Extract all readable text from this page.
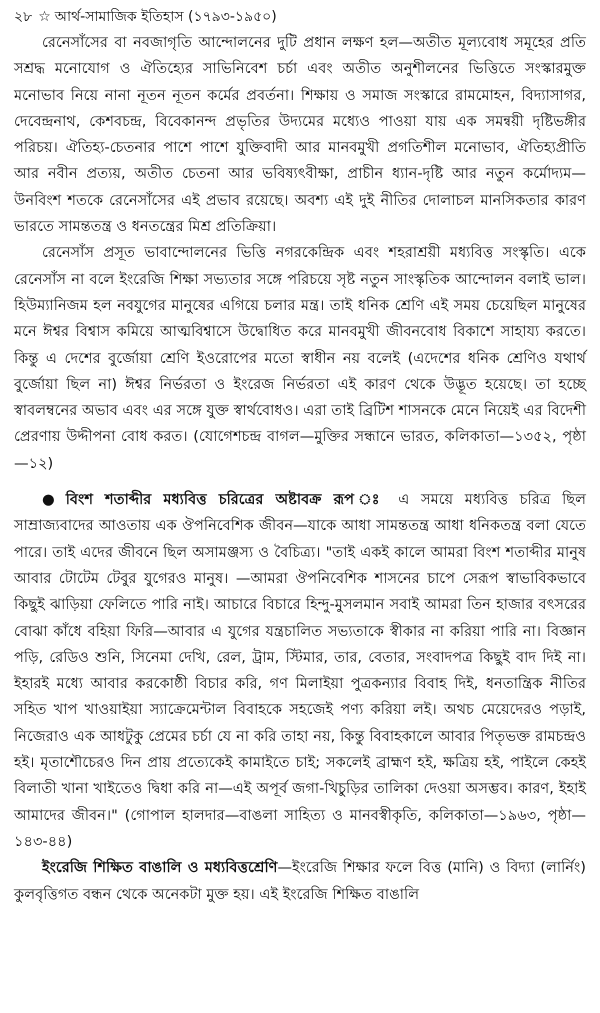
২৮ ☆ আর্থ-সামাজিক ইতিহাস (১৭৯৩-১৯৫০)

রেনেসাঁসের বা নবজাগৃতি আন্দোলনের দুটি প্রধান লক্ষণ হল—অতীত মূল্যবোধ সমূহের প্রতি সশ্রদ্ধ মনোযোগ ও ঐতিহ্যের সাভিনিবেশ চর্চা এবং অতীত অনুশীলনের ভিত্তিতে সংস্কারমুক্ত মনোভাব নিয়ে নানা নূতন নূতন কর্মের প্রবর্তনা। শিক্ষায় ও সমাজ সংস্কারে রামমোহন, বিদ্যাসাগর, দেবেন্দ্রনাথ, কেশবচন্দ্র, বিবেকানন্দ প্রভৃতির উদ্যমের মধ্যেও পাওয়া যায় এক সমন্বয়ী দৃষ্টিভঙ্গীর পরিচয়। ঐতিহ্য-চেতনার পাশে পাশে যুক্তিবাদী আর মানবমুখী প্রগতিশীল মনোভাব, ঐতিহ্যপ্রীতি আর নবীন প্রত্যয়, অতীত চেতনা আর ভবিষ্যৎবীক্ষা, প্রাচীন ধ্যান-দৃষ্টি আর নতুন কর্মোদ্যম—উনবিংশ শতকে রেনেসাঁসের এই প্রভাব রয়েছে। অবশ্য এই দুই নীতির দোলাচল মানসিকতার কারণ ভারতে সামন্ততন্ত্র ও ধনতন্ত্রের মিশ্র প্রতিক্রিয়া।

রেনেসাঁস প্রসূত ভাবান্দোলনের ভিত্তি নগরকেন্দ্রিক এবং শহরাশ্রয়ী মধ্যবিত্ত সংস্কৃতি। একে রেনেসাঁস না বলে ইংরেজি শিক্ষা সভ্যতার সঙ্গে পরিচয়ে সৃষ্ট নতুন সাংস্কৃতিক আন্দোলন বলাই ভাল। হিউম্যানিজম হল নবযুগের মানুষের এগিয়ে চলার মন্ত্র। তাই ধনিক শ্রেণি এই সময় চেয়েছিল মানুষের মনে ঈশ্বর বিশ্বাস কমিয়ে আত্মবিশ্বাসে উদ্বোধিত করে মানবমুখী জীবনবোধ বিকাশে সাহায্য করতে। কিন্তু এ দেশের বুর্জোয়া শ্রেণি ইওরোপের মতো স্বাধীন নয় বলেই (এদেশের ধনিক শ্রেণিও যথার্থ বুর্জোয়া ছিল না) ঈশ্বর নির্ভরতা ও ইংরেজ নির্ভরতা এই কারণ থেকে উদ্ভূত হয়েছে। তা হচ্ছে স্বাবলম্বনের অভাব এবং এর সঙ্গে যুক্ত স্বার্থবোধও। এরা তাই ব্রিটিশ শাসনকে মেনে নিয়েই এর বিদেশী প্রেরণায় উদ্দীপনা বোধ করত। (যোগেশচন্দ্র বাগল—মুক্তির সন্ধানে ভারত, কলিকাতা—১৩৫২, পৃষ্ঠা—১২)

● বিংশ শতাব্দীর মধ্যবিত্ত চরিত্রের অষ্টাবক্র রূপ ঃ এ সময়ে মধ্যবিত্ত চরিত্র ছিল সাম্রাজ্যবাদের আওতায় এক ঔপনিবেশিক জীবন—যাকে আধা সামন্ততন্ত্র আধা ধনিকতন্ত্র বলা যেতে পারে। তাই এদের জীবনে ছিল অসামঞ্জস্য ও বৈচিত্র্য। "তাই একই কালে আমরা বিংশ শতাব্দীর মানুষ আবার টোটেম টেবুর যুগেরও মানুষ। —আমরা ঔপনিবেশিক শাসনের চাপে সেরূপ স্বাভাবিকভাবে কিছুই ঝাড়িয়া ফেলিতে পারি নাই। আচারে বিচারে হিন্দু-মুসলমান সবাই আমরা তিন হাজার বৎসরের বোঝা কাঁধে বহিয়া ফিরি—আবার এ যুগের যন্ত্রচালিত সভ্যতাকে স্বীকার না করিয়া পারি না। বিজ্ঞান পড়ি, রেডিও শুনি, সিনেমা দেখি, রেল, ট্রাম, স্টিমার, তার, বেতার, সংবাদপত্র কিছুই বাদ দিই না। ইহারই মধ্যে আবার করকোষ্ঠী বিচার করি, গণ মিলাইয়া পুত্রকন্যার বিবাহ দিই, ধনতান্ত্রিক নীতির সহিত খাপ খাওয়াইয়া স্যাক্রেমেন্টাল বিবাহকে সহজেই পণ্য করিয়া লই। অথচ মেয়েদেরও পড়াই, নিজেরাও এক আধটুকু প্রেমের চর্চা যে না করি তাহা নয়, কিন্তু বিবাহকালে আবার পিতৃভক্ত রামচন্দ্রও হই। মৃতাশৌচেরও দিন প্রায় প্রত্যেকেই কামাইতে চাই; সকলেই ব্রাহ্মণ হই, ক্ষত্রিয় হই, পাইলে কেহই বিলাতী খানা খাইতেও দ্বিধা করি না—এই অপূর্ব জগা-খিচুড়ির তালিকা দেওয়া অসম্ভব। কারণ, ইহাই আমাদের জীবন।" (গোপাল হালদার—বাঙলা সাহিত্য ও মানবস্বীকৃতি, কলিকাতা—১৯৬৩, পৃষ্ঠা—১৪৩-৪৪)

ইংরেজি শিক্ষিত বাঙালি ও মধ্যবিত্তশ্রেণি—ইংরেজি শিক্ষার ফলে বিত্ত (মানি) ও বিদ্যা (লার্নিং) কুলবৃত্তিগত বন্ধন থেকে অনেকটা মুক্ত হয়। এই ইংরেজি শিক্ষিত বাঙালি
